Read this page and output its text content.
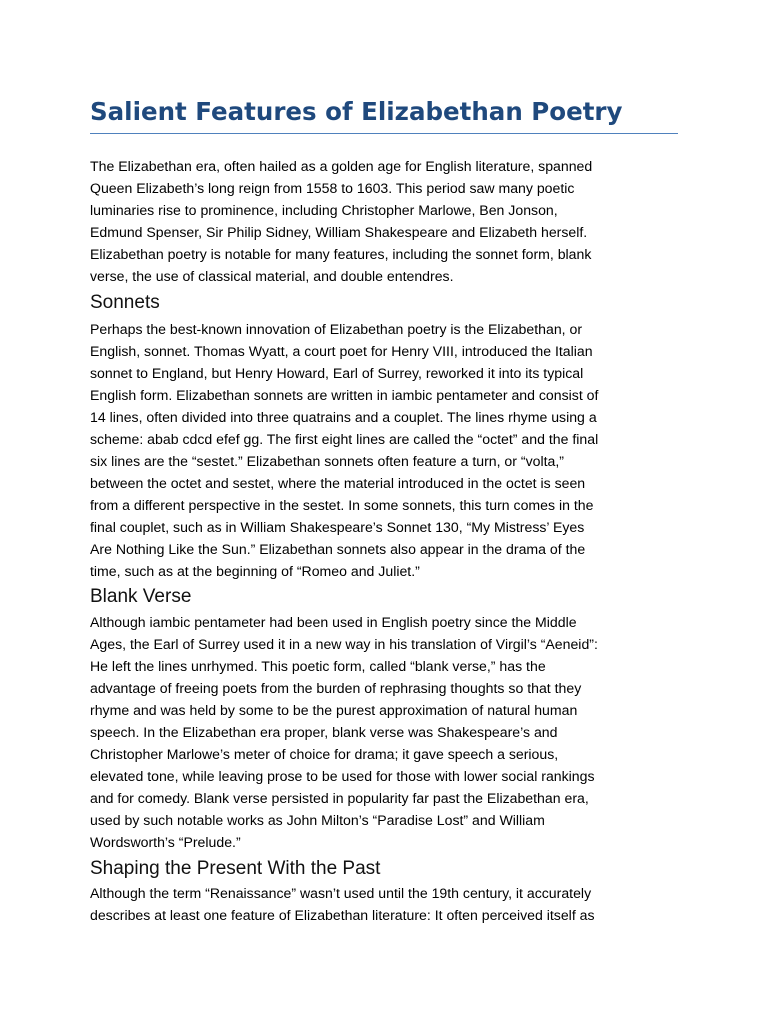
Salient Features of Elizabethan Poetry
The Elizabethan era, often hailed as a golden age for English literature, spanned
Queen Elizabeth’s long reign from 1558 to 1603. This period saw many poetic
luminaries rise to prominence, including Christopher Marlowe, Ben Jonson,
Edmund Spenser, Sir Philip Sidney, William Shakespeare and Elizabeth herself.
Elizabethan poetry is notable for many features, including the sonnet form, blank
verse, the use of classical material, and double entendres.
Sonnets
Perhaps the best-known innovation of Elizabethan poetry is the Elizabethan, or
English, sonnet. Thomas Wyatt, a court poet for Henry VIII, introduced the Italian
sonnet to England, but Henry Howard, Earl of Surrey, reworked it into its typical
English form. Elizabethan sonnets are written in iambic pentameter and consist of
14 lines, often divided into three quatrains and a couplet. The lines rhyme using a
scheme: abab cdcd efef gg. The first eight lines are called the “octet” and the final
six lines are the “sestet.” Elizabethan sonnets often feature a turn, or “volta,”
between the octet and sestet, where the material introduced in the octet is seen
from a different perspective in the sestet. In some sonnets, this turn comes in the
final couplet, such as in William Shakespeare’s Sonnet 130, “My Mistress’ Eyes
Are Nothing Like the Sun.” Elizabethan sonnets also appear in the drama of the
time, such as at the beginning of “Romeo and Juliet.”
Blank Verse
Although iambic pentameter had been used in English poetry since the Middle
Ages, the Earl of Surrey used it in a new way in his translation of Virgil’s “Aeneid”:
He left the lines unrhymed. This poetic form, called “blank verse,” has the
advantage of freeing poets from the burden of rephrasing thoughts so that they
rhyme and was held by some to be the purest approximation of natural human
speech. In the Elizabethan era proper, blank verse was Shakespeare’s and
Christopher Marlowe’s meter of choice for drama; it gave speech a serious,
elevated tone, while leaving prose to be used for those with lower social rankings
and for comedy. Blank verse persisted in popularity far past the Elizabethan era,
used by such notable works as John Milton’s “Paradise Lost” and William
Wordsworth’s “Prelude.”
Shaping the Present With the Past
Although the term “Renaissance” wasn’t used until the 19th century, it accurately
describes at least one feature of Elizabethan literature: It often perceived itself as
